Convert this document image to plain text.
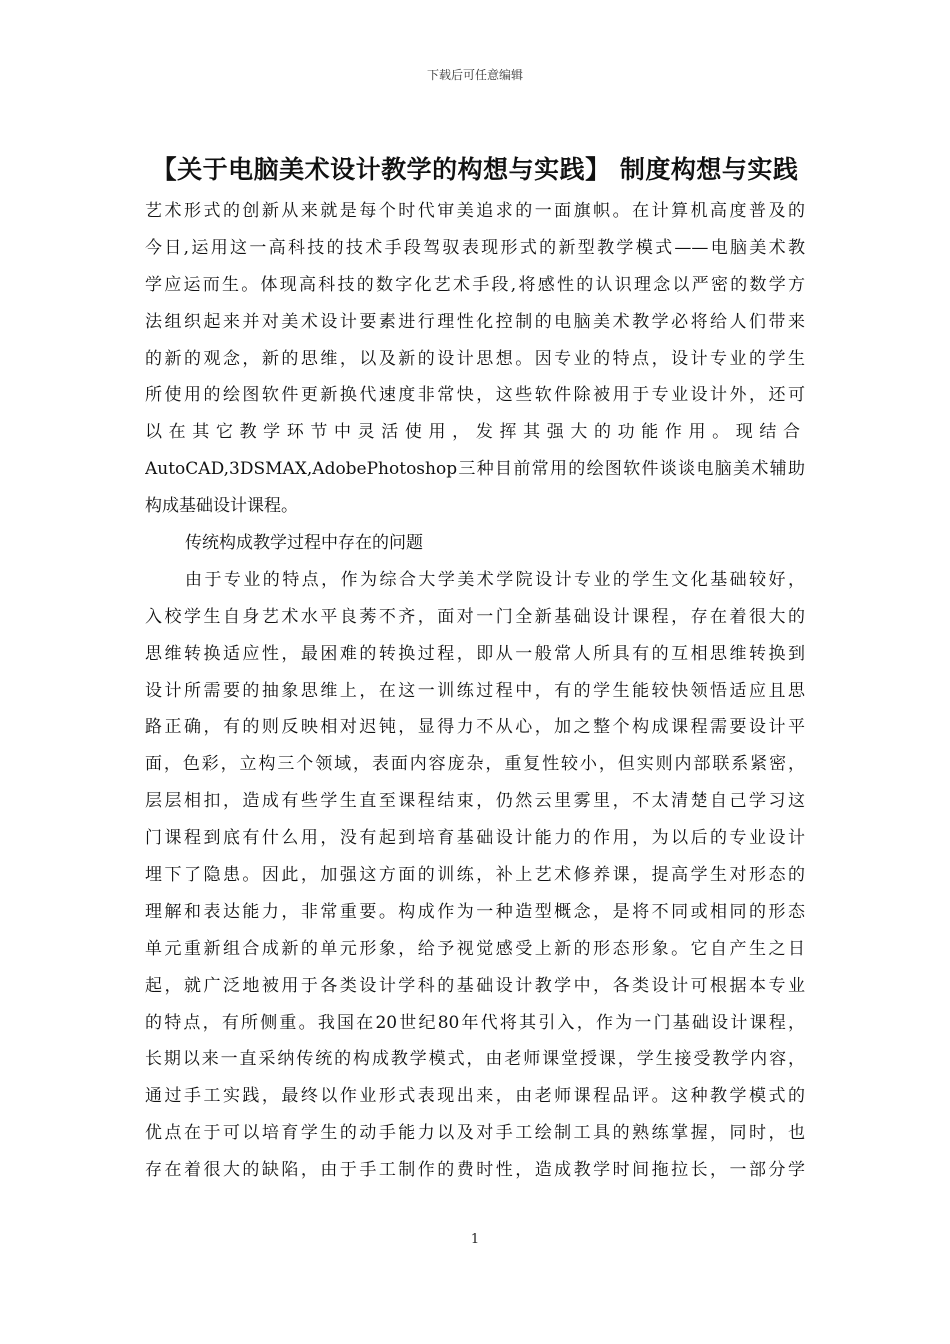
下载后可任意编辑
【关于电脑美术设计教学的构想与实践】 制度构想与实践
艺术形式的创新从来就是每个时代审美追求的一面旗帜。在计算机高度普及的
今日,运用这一高科技的技术手段驾驭表现形式的新型教学模式——电脑美术教
学应运而生。体现高科技的数字化艺术手段,将感性的认识理念以严密的数学方
法组织起来并对美术设计要素进行理性化控制的电脑美术教学必将给人们带来
的新的观念，新的思维，以及新的设计思想。因专业的特点，设计专业的学生
所使用的绘图软件更新换代速度非常快，这些软件除被用于专业设计外，还可
以在其它教学环节中灵活使用，发挥其强大的功能作用。现结合
AutoCAD,3DSMAX,AdobePhotoshop三种目前常用的绘图软件谈谈电脑美术辅助
构成基础设计课程。
传统构成教学过程中存在的问题
由于专业的特点，作为综合大学美术学院设计专业的学生文化基础较好，
入校学生自身艺术水平良莠不齐，面对一门全新基础设计课程，存在着很大的
思维转换适应性，最困难的转换过程，即从一般常人所具有的互相思维转换到
设计所需要的抽象思维上，在这一训练过程中，有的学生能较快领悟适应且思
路正确，有的则反映相对迟钝，显得力不从心，加之整个构成课程需要设计平
面，色彩，立构三个领域，表面内容庞杂，重复性较小，但实则内部联系紧密，
层层相扣，造成有些学生直至课程结束，仍然云里雾里，不太清楚自己学习这
门课程到底有什么用，没有起到培育基础设计能力的作用，为以后的专业设计
埋下了隐患。因此，加强这方面的训练，补上艺术修养课，提高学生对形态的
理解和表达能力，非常重要。构成作为一种造型概念，是将不同或相同的形态
单元重新组合成新的单元形象，给予视觉感受上新的形态形象。它自产生之日
起，就广泛地被用于各类设计学科的基础设计教学中，各类设计可根据本专业
的特点，有所侧重。我国在20世纪80年代将其引入，作为一门基础设计课程，
长期以来一直采纳传统的构成教学模式，由老师课堂授课，学生接受教学内容，
通过手工实践，最终以作业形式表现出来，由老师课程品评。这种教学模式的
优点在于可以培育学生的动手能力以及对手工绘制工具的熟练掌握，同时，也
存在着很大的缺陷，由于手工制作的费时性，造成教学时间拖拉长，一部分学
1
